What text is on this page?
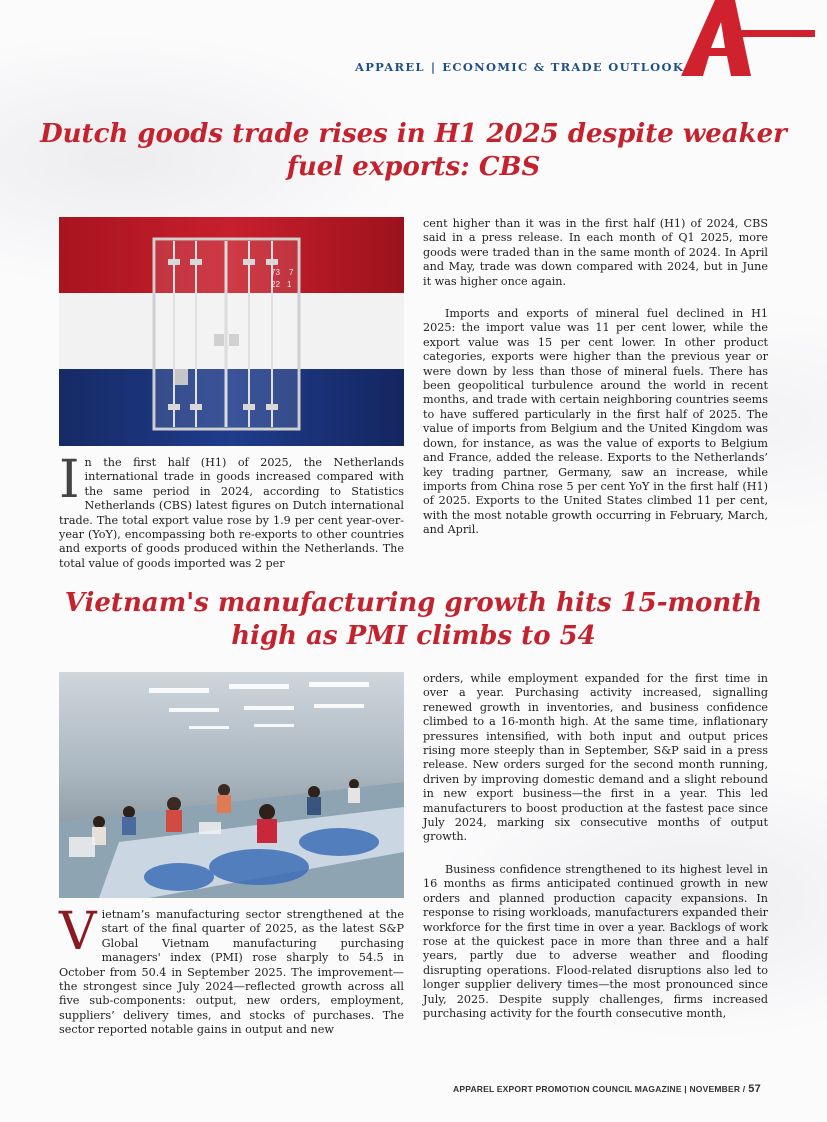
APPAREL | ECONOMIC & TRADE OUTLOOK
Dutch goods trade rises in H1 2025 despite weaker fuel exports: CBS
73 7
22 1

In the first half (H1) of 2025, the Netherlands international trade in goods increased compared with the same period in 2024, according to Statistics Netherlands (CBS) latest figures on Dutch international trade. The total export value rose by 1.9 per cent year-over-year (YoY), encompassing both re-exports to other countries and exports of goods produced within the Netherlands. The total value of goods imported was 2 per

cent higher than it was in the first half (H1) of 2024, CBS said in a press release. In each month of Q1 2025, more goods were traded than in the same month of 2024. In April and May, trade was down compared with 2024, but in June it was higher once again.

Imports and exports of mineral fuel declined in H1 2025: the import value was 11 per cent lower, while the export value was 15 per cent lower. In other product categories, exports were higher than the previous year or were down by less than those of mineral fuels. There has been geopolitical turbulence around the world in recent months, and trade with certain neighboring countries seems to have suffered particularly in the first half of 2025. The value of imports from Belgium and the United Kingdom was down, for instance, as was the value of exports to Belgium and France, added the release. Exports to the Netherlands’ key trading partner, Germany, saw an increase, while imports from China rose 5 per cent YoY in the first half (H1) of 2025. Exports to the United States climbed 11 per cent, with the most notable growth occurring in February, March, and April.

Vietnam's manufacturing growth hits 15-month high as PMI climbs to 54

Vietnam’s manufacturing sector strengthened at the start of the final quarter of 2025, as the latest S&P Global Vietnam manufacturing purchasing managers' index (PMI) rose sharply to 54.5 in October from 50.4 in September 2025. The improvement—the strongest since July 2024—reflected growth across all five sub-components: output, new orders, employment, suppliers’ delivery times, and stocks of purchases. The sector reported notable gains in output and new

orders, while employment expanded for the first time in over a year. Purchasing activity increased, signalling renewed growth in inventories, and business confidence climbed to a 16-month high. At the same time, inflationary pressures intensified, with both input and output prices rising more steeply than in September, S&P said in a press release. New orders surged for the second month running, driven by improving domestic demand and a slight rebound in new export business—the first in a year. This led manufacturers to boost production at the fastest pace since July 2024, marking six consecutive months of output growth.

Business confidence strengthened to its highest level in 16 months as firms anticipated continued growth in new orders and planned production capacity expansions. In response to rising workloads, manufacturers expanded their workforce for the first time in over a year. Backlogs of work rose at the quickest pace in more than three and a half years, partly due to adverse weather and flooding disrupting operations. Flood-related disruptions also led to longer supplier delivery times—the most pronounced since July, 2025. Despite supply challenges, firms increased purchasing activity for the fourth consecutive month,

APPAREL EXPORT PROMOTION COUNCIL MAGAZINE | NOVEMBER / 57
